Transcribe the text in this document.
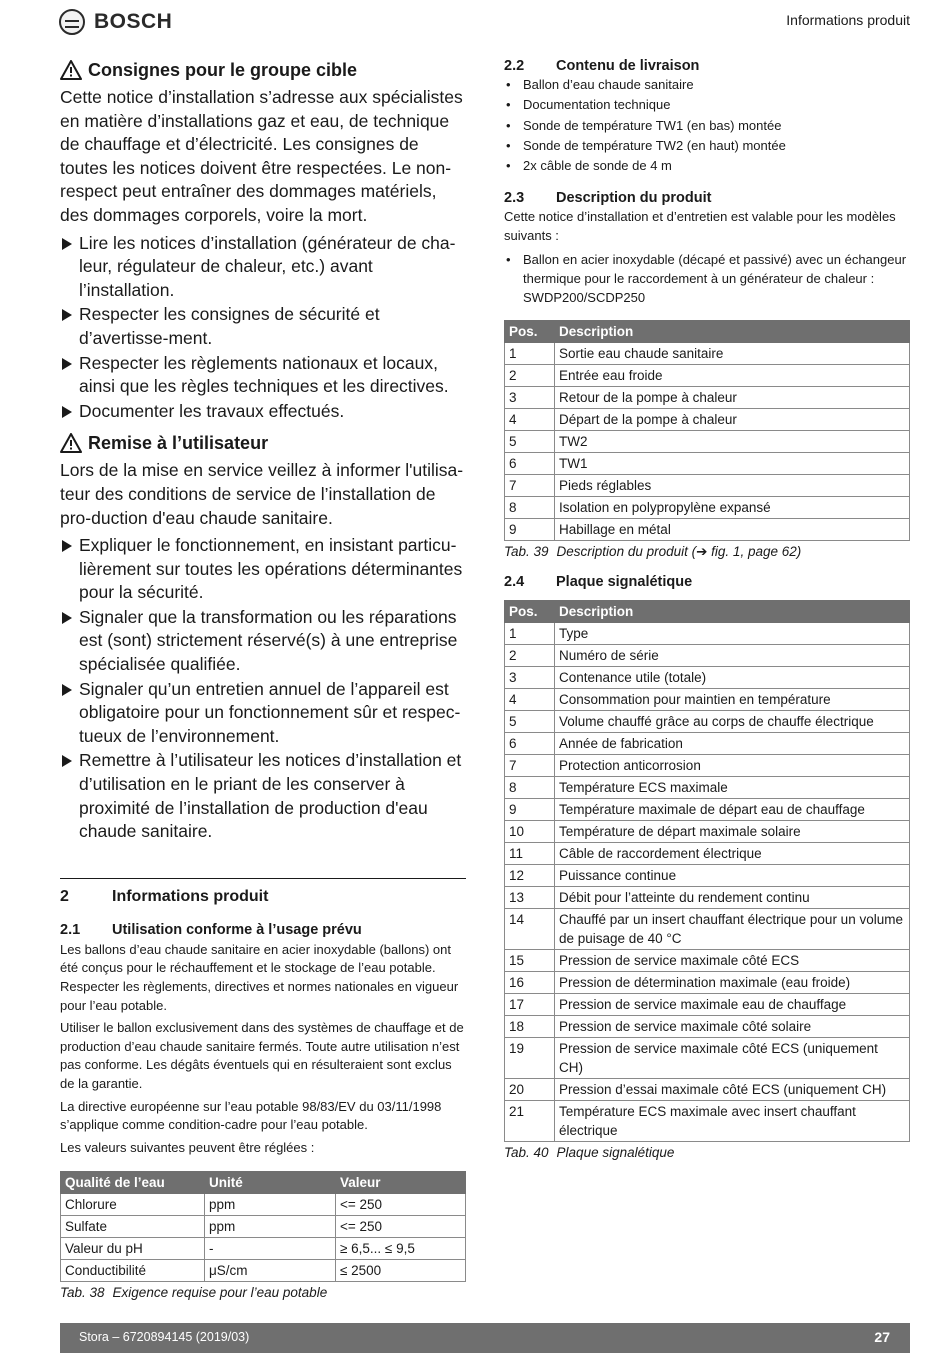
BOSCH	Informations produit
Consignes pour le groupe cible

Cette notice d’installation s’adresse aux spécialistes en matière d’installations gaz et eau, de technique de chauffage et d’électricité. Les consignes de toutes les notices doivent être respectées. Le non-respect peut entraîner des dommages matériels, des dommages corporels, voire la mort.

Lire les notices d’installation (générateur de cha-leur, régulateur de chaleur, etc.) avant l’installation.
Respecter les consignes de sécurité et d’avertisse-ment.
Respecter les règlements nationaux et locaux, ainsi que les règles techniques et les directives.
Documenter les travaux effectués.
Remise à l’utilisateur

Lors de la mise en service veillez à informer l'utilisa-teur des conditions de service de l’installation de pro-duction d'eau chaude sanitaire.

Expliquer le fonctionnement, en insistant particu-lièrement sur toutes les opérations déterminantes pour la sécurité.
Signaler que la transformation ou les réparations est (sont) strictement réservé(s) à une entreprise spécialisée qualifiée.
Signaler qu’un entretien annuel de l’appareil est obligatoire pour un fonctionnement sûr et respec-tueux de l’environnement.
Remettre à l’utilisateur les notices d’installation et d’utilisation en le priant de les conserver à proximité de l’installation de production d'eau chaude sanitaire.
2	Informations produit
2.1	Utilisation conforme à l’usage prévu

Les ballons d’eau chaude sanitaire en acier inoxydable (ballons) ont été conçus pour le réchauffement et le stockage de l’eau potable. Respecter les règlements, directives et normes nationales en vigueur pour l’eau potable.

Utiliser le ballon exclusivement dans des systèmes de chauffage et de production d’eau chaude sanitaire fermés. Toute autre utilisation n’est pas conforme. Les dégâts éventuels qui en résulteraient sont exclus de la garantie.

La directive européenne sur l’eau potable 98/83/EV du 03/11/1998 s’applique comme condition-cadre pour l’eau potable.

Les valeurs suivantes peuvent être réglées :

Qualité de l’eau	Unité	Valeur
Chlorure	ppm	<= 250
Sulfate	ppm	<= 250
Valeur du pH	-	≥ 6,5... ≤ 9,5
Conductibilité	μS/cm	≤ 2500
Tab. 38 Exigence requise pour l’eau potable
2.2	Contenu de livraison
• Ballon d’eau chaude sanitaire
• Documentation technique
• Sonde de température TW1 (en bas) montée
• Sonde de température TW2 (en haut) montée
• 2x câble de sonde de 4 m
2.3	Description du produit

Cette notice d’installation et d’entretien est valable pour les modèles suivants :

• Ballon en acier inoxydable (décapé et passivé) avec un échangeur thermique pour le raccordement à un générateur de chaleur : SWDP200/SCDP250
Pos.	Description
1	Sortie eau chaude sanitaire
2	Entrée eau froide
3	Retour de la pompe à chaleur
4	Départ de la pompe à chaleur
5	TW2
6	TW1
7	Pieds réglables
8	Isolation en polypropylène expansé
9	Habillage en métal
Tab. 39 Description du produit (➔ fig. 1, page 62)
2.4	Plaque signalétique
Pos.	Description
1	Type
2	Numéro de série
3	Contenance utile (totale)
4	Consommation pour maintien en température
5	Volume chauffé grâce au corps de chauffe électrique
6	Année de fabrication
7	Protection anticorrosion
8	Température ECS maximale
9	Température maximale de départ eau de chauffage
10	Température de départ maximale solaire
11	Câble de raccordement électrique
12	Puissance continue
13	Débit pour l’atteinte du rendement continu
14	Chauffé par un insert chauffant électrique pour un volume de puisage de 40 °C
15	Pression de service maximale côté ECS
16	Pression de détermination maximale (eau froide)
17	Pression de service maximale eau de chauffage
18	Pression de service maximale côté solaire
19	Pression de service maximale côté ECS (uniquement CH)
20	Pression d’essai maximale côté ECS (uniquement CH)
21	Température ECS maximale avec insert chauffant électrique
Tab. 40 Plaque signalétique
Stora – 6720894145 (2019/03)	27
